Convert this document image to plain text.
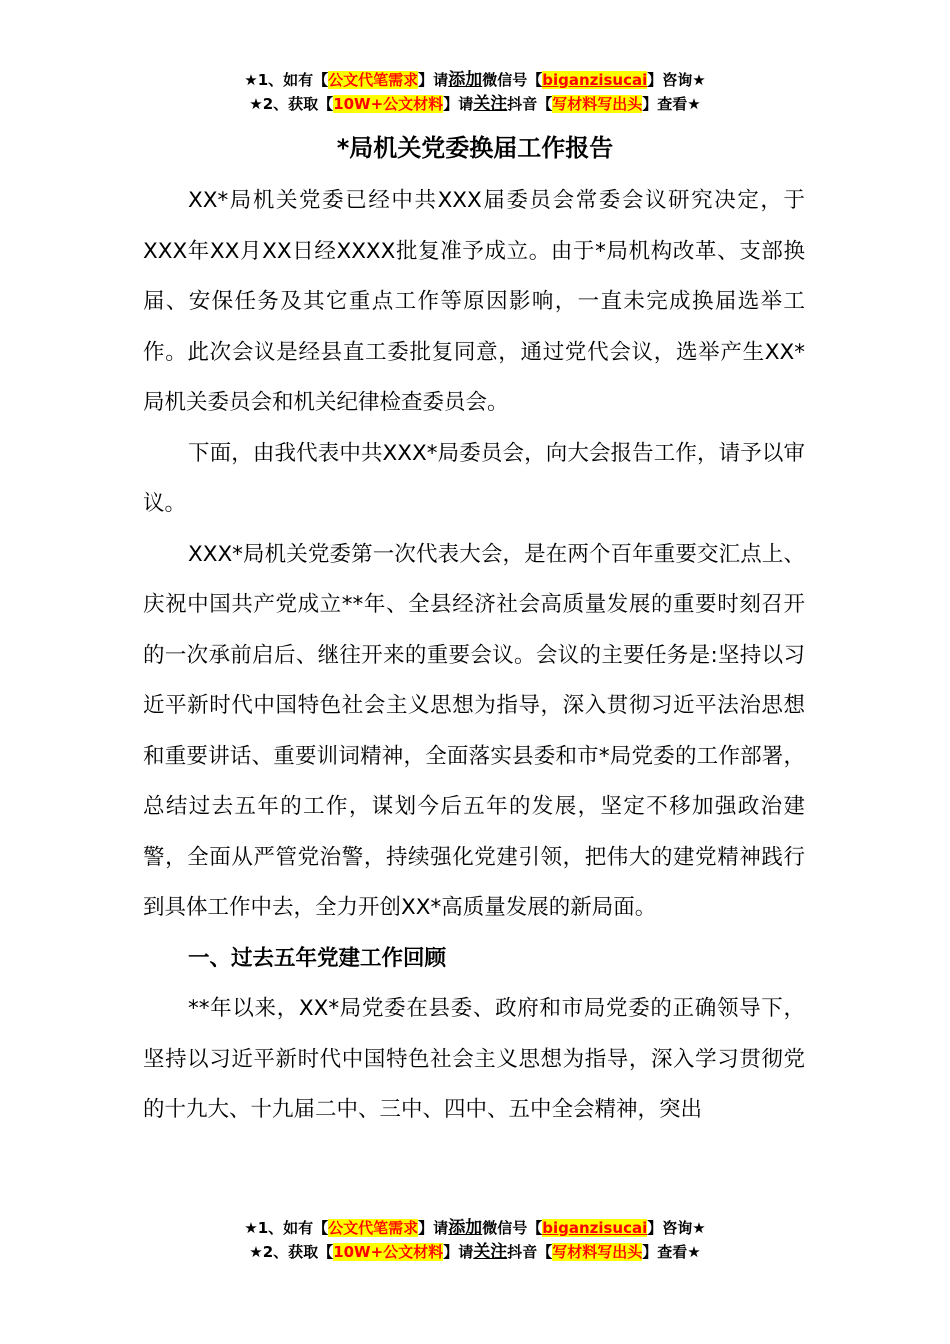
★1、如有【公文代笔需求】请添加微信号【biganzisucai】咨询★
★2、获取【10W+公文材料】请关注抖音【写材料写出头】查看★
*局机关党委换届工作报告

XX*局机关党委已经中共XXX届委员会常委会议研究决定，于XXX年XX月XX日经XXXX批复准予成立。由于*局机构改革、支部换届、安保任务及其它重点工作等原因影响，一直未完成换届选举工作。此次会议是经县直工委批复同意，通过党代会议，选举产生XX*局机关委员会和机关纪律检查委员会。

下面，由我代表中共XXX*局委员会，向大会报告工作，请予以审议。

XXX*局机关党委第一次代表大会，是在两个百年重要交汇点上、庆祝中国共产党成立**年、全县经济社会高质量发展的重要时刻召开的一次承前启后、继往开来的重要会议。会议的主要任务是:坚持以习近平新时代中国特色社会主义思想为指导，深入贯彻习近平法治思想和重要讲话、重要训词精神，全面落实县委和市*局党委的工作部署，总结过去五年的工作，谋划今后五年的发展，坚定不移加强政治建警，全面从严管党治警，持续强化党建引领，把伟大的建党精神践行到具体工作中去，全力开创XX*高质量发展的新局面。

一、过去五年党建工作回顾

**年以来，XX*局党委在县委、政府和市局党委的正确领导下，坚持以习近平新时代中国特色社会主义思想为指导，深入学习贯彻党的十九大、十九届二中、三中、四中、五中全会精神，突出

★1、如有【公文代笔需求】请添加微信号【biganzisucai】咨询★
★2、获取【10W+公文材料】请关注抖音【写材料写出头】查看★
